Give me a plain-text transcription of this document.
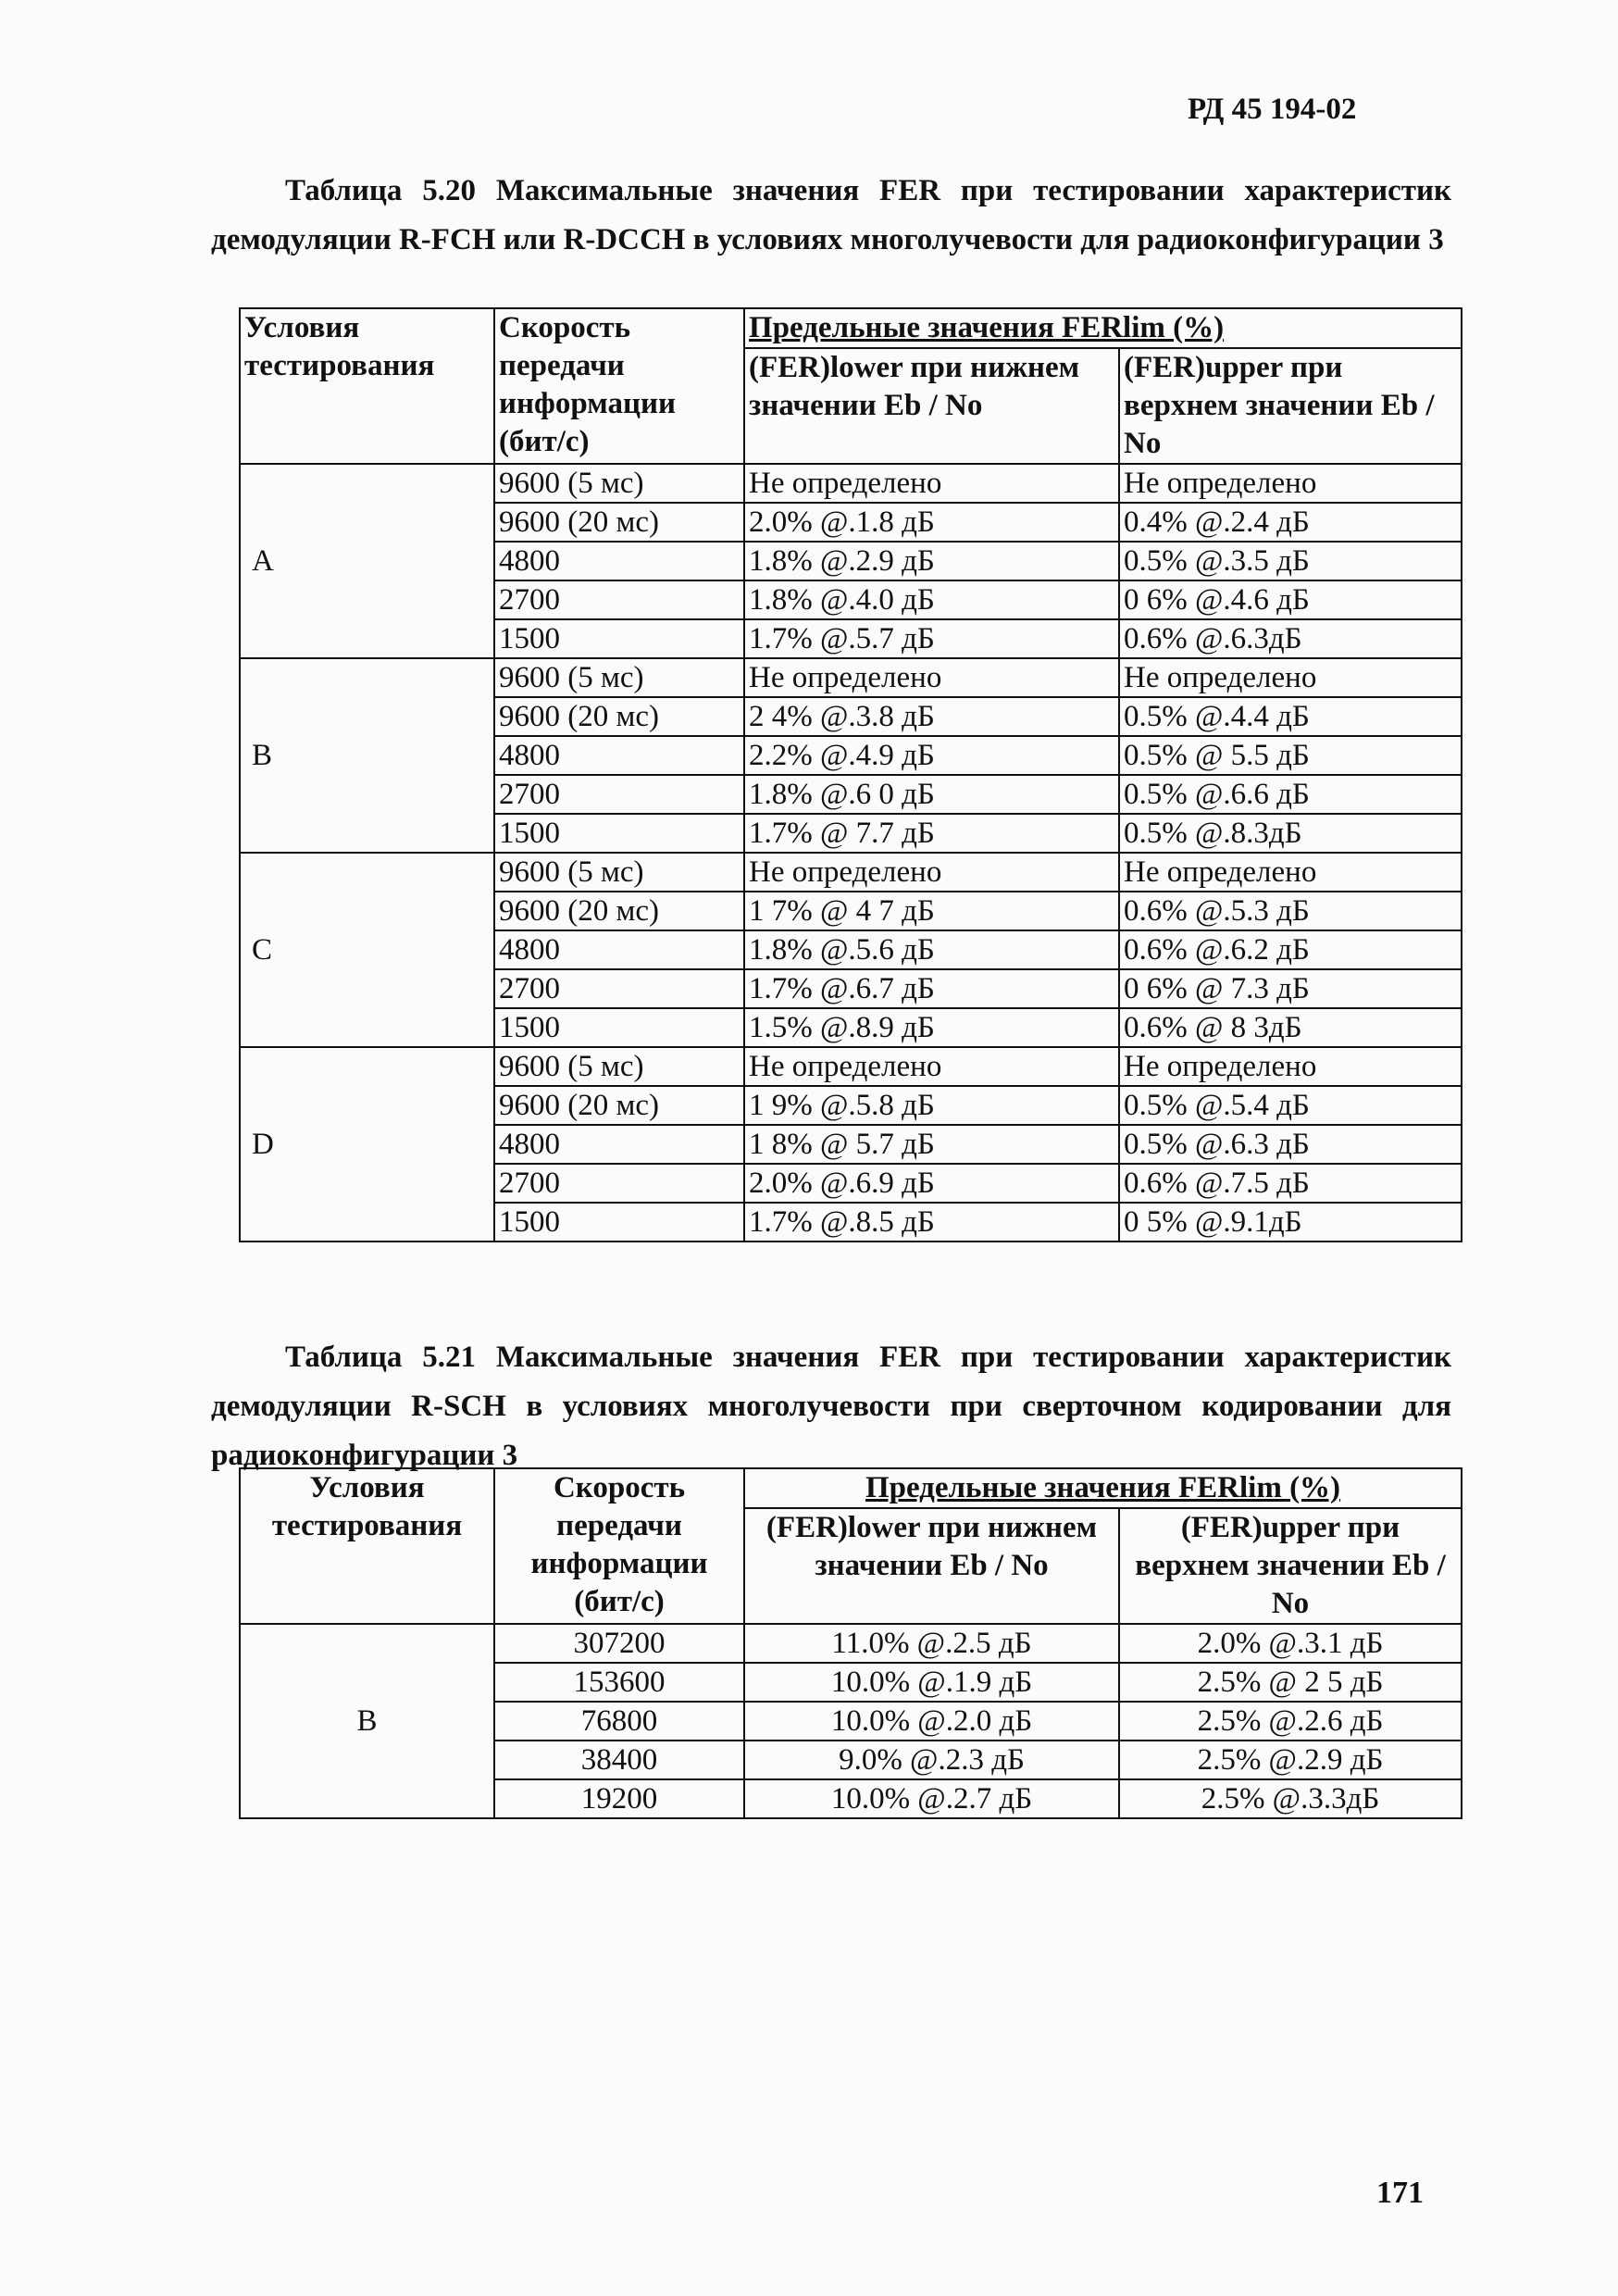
РД 45 194-02
Таблица 5.20 Максимальные значения FER при тестировании характеристик демодуляции R-FCH или R-DCCH в условиях многолучевости для радиоконфигурации 3
Условия тестирования	Скорость передачи информации (бит/с)	Предельные значения FERlim (%)	
		(FER)lower при нижнем значении Eb / No	(FER)upper при верхнем значении Eb / No
A	9600 (5 мс)	Не определено	Не определено
	9600 (20 мс)	2.0% @.1.8 дБ	0.4% @.2.4 дБ
	4800	1.8% @.2.9 дБ	0.5% @.3.5 дБ
	2700	1.8% @.4.0 дБ	0 6% @.4.6 дБ
	1500	1.7% @.5.7 дБ	0.6% @.6.3дБ
B	9600 (5 мс)	Не определено	Не определено
	9600 (20 мс)	2 4% @.3.8 дБ	0.5% @.4.4 дБ
	4800	2.2% @.4.9 дБ	0.5% @ 5.5 дБ
	2700	1.8% @.6 0 дБ	0.5% @.6.6 дБ
	1500	1.7% @ 7.7 дБ	0.5% @.8.3дБ
C	9600 (5 мс)	Не определено	Не определено
	9600 (20 мс)	1 7% @ 4 7 дБ	0.6% @.5.3 дБ
	4800	1.8% @.5.6 дБ	0.6% @.6.2 дБ
	2700	1.7% @.6.7 дБ	0 6% @ 7.3 дБ
	1500	1.5% @.8.9 дБ	0.6% @ 8 3дБ
D	9600 (5 мс)	Не определено	Не определено
	9600 (20 мс)	1 9% @.5.8 дБ	0.5% @.5.4 дБ
	4800	1 8% @ 5.7 дБ	0.5% @.6.3 дБ
	2700	2.0% @.6.9 дБ	0.6% @.7.5 дБ
	1500	1.7% @.8.5 дБ	0 5% @.9.1дБ
Таблица 5.21 Максимальные значения FER при тестировании характеристик демодуляции R-SCH в условиях многолучевости при сверточном кодировании для радиоконфигурации 3
Условия тестирования	Скорость передачи информации (бит/с)	Предельные значения FERlim (%)	
		(FER)lower при нижнем значении Eb / No	(FER)upper при верхнем значении Eb / No
B	307200	11.0% @.2.5 дБ	2.0% @.3.1 дБ
	153600	10.0% @.1.9 дБ	2.5% @ 2 5 дБ
	76800	10.0% @.2.0 дБ	2.5% @.2.6 дБ
	38400	9.0% @.2.3 дБ	2.5% @.2.9 дБ
	19200	10.0% @.2.7 дБ	2.5% @.3.3дБ
171
